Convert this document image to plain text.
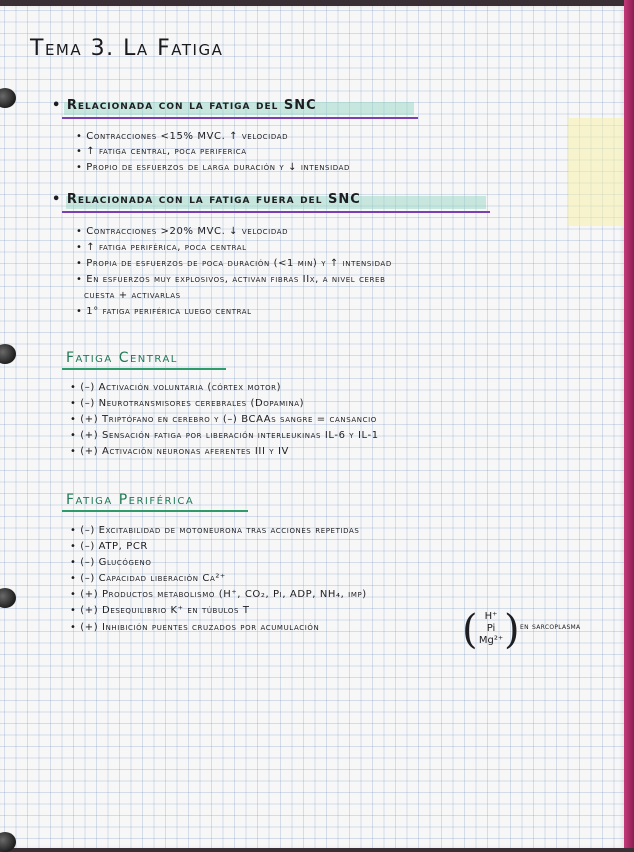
Tema 3. La Fatiga
• Relacionada con la fatiga del SNC
• Contracciones <15% MVC. ↑ velocidad
• ↑ fatiga central, poca periferica
• Propio de esfuerzos de larga duración y ↓ intensidad
• Relacionada con la fatiga fuera del SNC
• Contracciones >20% MVC. ↓ velocidad
• ↑ fatiga periférica, poca central
• Propia de esfuerzos de poca duración (<1 min) y ↑ intensidad
• En esfuerzos muy explosivos, activan fibras IIx, a nivel cereb
cuesta + activarlas
• 1° fatiga periférica luego central
Fatiga Central
• (–) Activación voluntaria (córtex motor)
• (–) Neurotransmisores cerebrales (Dopamina)
• (+) Triptófano en cerebro y (–) BCAAs sangre = cansancio
• (+) Sensación fatiga por liberación interleukinas IL-6 y IL-1
• (+) Activación neuronas aferentes III y IV
Fatiga Periférica
• (–) Excitabilidad de motoneurona tras acciones repetidas
• (–) ATP, PCR
• (–) Glucógeno
• (–) Capacidad liberación Ca²⁺
• (+) Productos metabolismo (H⁺, CO₂, Pi, ADP, NH₄, imp)
• (+) Desequilibrio K⁺ en túbulos T
• (+) Inhibición puentes cruzados por acumulación	( H⁺
Pi
Mg²⁺ ) en sarcoplasma
